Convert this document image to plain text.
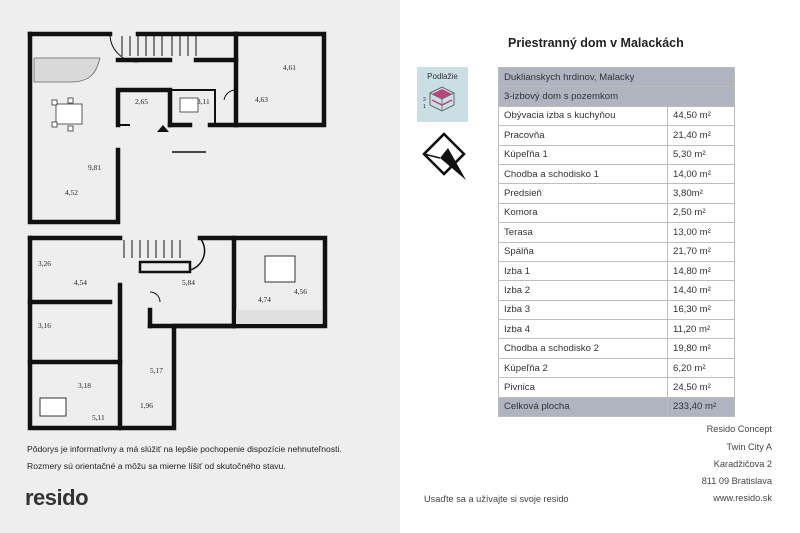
4,61
2,65	3,11	4,63
9,81
4,52
3,26
4,54	5,84
4,74
4,56
3,16
5,17
3,18
1,96
5,11
Pôdorys je informatívny a má slúžiť na lepšie pochopenie dispozície nehnuteľnosti.
Rozmery sú orientačné a môžu sa mierne líšiť od skutočného stavu.
resido
Priestranný dom v Malackách
Podlažie
2
1
Duklianskych hrdinov, Malacky	
3-izbový dom s pozemkom	
Obývacia izba s kuchyňou	44,50 m²
Pracovňa	21,40 m²
Kúpeľňa 1	5,30 m²
Chodba a schodisko 1	14,00 m²
Predsieň	3,80m²
Komora	2,50 m²
Terasa	13,00 m²
Spálňa	21,70 m²
Izba 1	14,80 m²
Izba 2	14,40 m²
Izba 3	16,30 m²
Izba 4	11,20 m²
Chodba a schodisko 2	19,80 m²
Kúpeľňa 2	6,20 m²
Pivnica	24,50 m²
Celková plocha	233,40 m²
Resido Concept
Twin City A
Karadžičova 2
811 09 Bratislava
www.resido.sk
Usaďte sa a užívajte si svoje resido
